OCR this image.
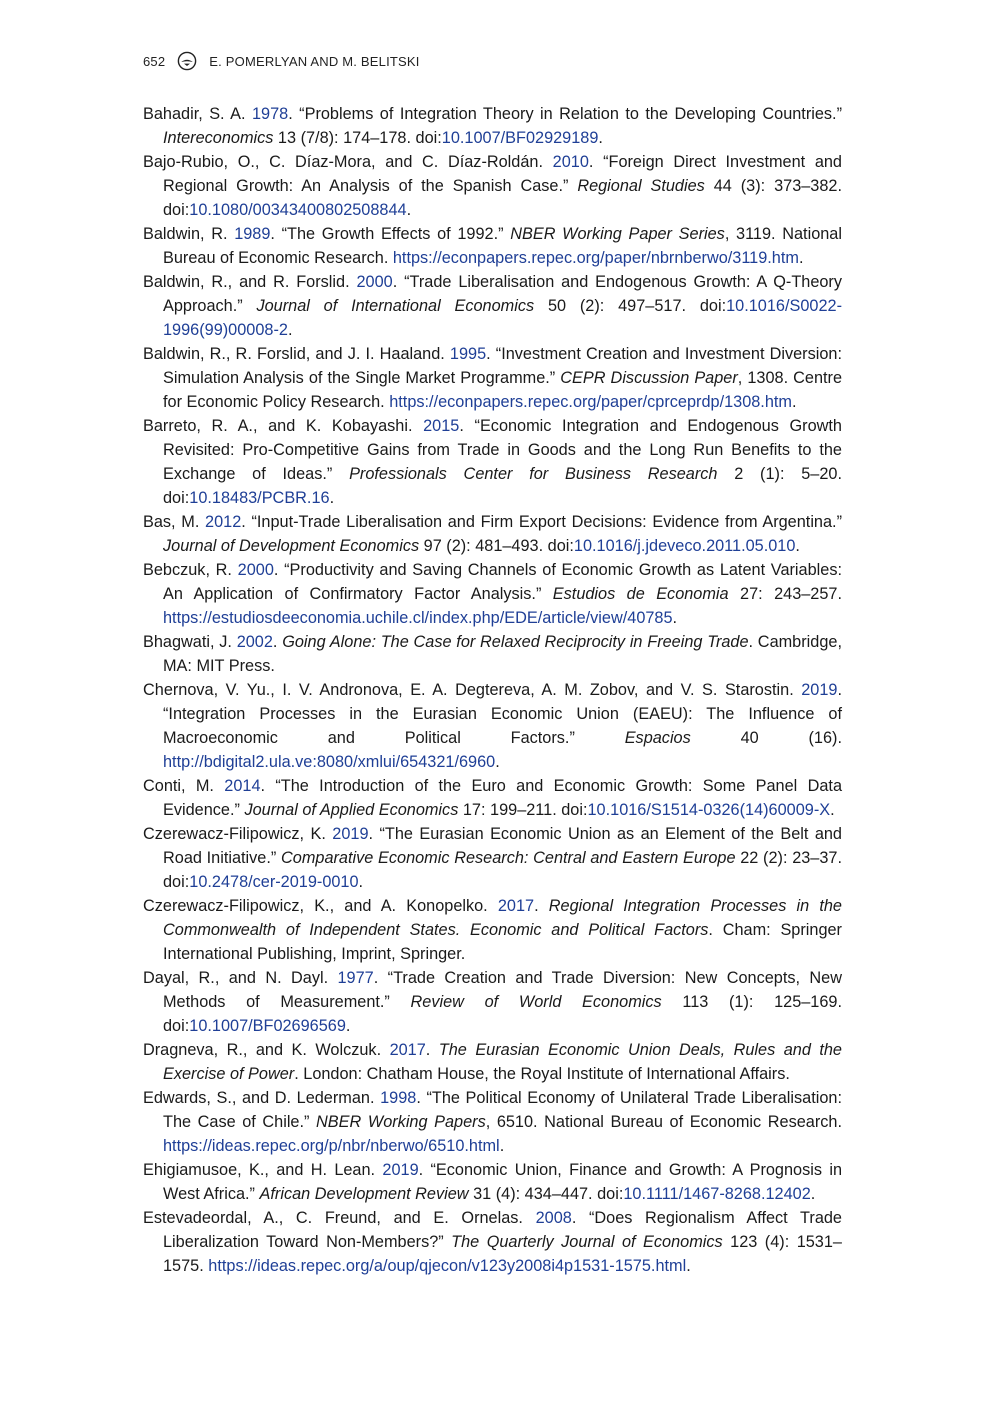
652	E. POMERLYAN AND M. BELITSKI
Bahadir, S. A. 1978. “Problems of Integration Theory in Relation to the Developing Countries.” Intereconomics 13 (7/8): 174–178. doi:10.1007/BF02929189.
Bajo-Rubio, O., C. Díaz-Mora, and C. Díaz-Roldán. 2010. “Foreign Direct Investment and Regional Growth: An Analysis of the Spanish Case.” Regional Studies 44 (3): 373–382. doi:10.1080/00343400802508844.
Baldwin, R. 1989. “The Growth Effects of 1992.” NBER Working Paper Series, 3119. National Bureau of Economic Research. https://econpapers.repec.org/paper/nbrnberwo/3119.htm.
Baldwin, R., and R. Forslid. 2000. “Trade Liberalisation and Endogenous Growth: A Q-Theory Approach.” Journal of International Economics 50 (2): 497–517. doi:10.1016/S0022-1996(99)00008-2.
Baldwin, R., R. Forslid, and J. I. Haaland. 1995. “Investment Creation and Investment Diversion: Simulation Analysis of the Single Market Programme.” CEPR Discussion Paper, 1308. Centre for Economic Policy Research. https://econpapers.repec.org/paper/cprceprdp/1308.htm.
Barreto, R. A., and K. Kobayashi. 2015. “Economic Integration and Endogenous Growth Revisited: Pro-Competitive Gains from Trade in Goods and the Long Run Benefits to the Exchange of Ideas.” Professionals Center for Business Research 2 (1): 5–20. doi:10.18483/PCBR.16.
Bas, M. 2012. “Input-Trade Liberalisation and Firm Export Decisions: Evidence from Argentina.” Journal of Development Economics 97 (2): 481–493. doi:10.1016/j.jdeveco.2011.05.010.
Bebczuk, R. 2000. “Productivity and Saving Channels of Economic Growth as Latent Variables: An Application of Confirmatory Factor Analysis.” Estudios de Economia 27: 243–257. https://estudiosdeeconomia.uchile.cl/index.php/EDE/article/view/40785.
Bhagwati, J. 2002. Going Alone: The Case for Relaxed Reciprocity in Freeing Trade. Cambridge, MA: MIT Press.
Chernova, V. Yu., I. V. Andronova, E. A. Degtereva, A. M. Zobov, and V. S. Starostin. 2019. “Integration Processes in the Eurasian Economic Union (EAEU): The Influence of Macroeconomic and Political Factors.” Espacios 40 (16). http://bdigital2.ula.ve:8080/xmlui/654321/6960.
Conti, M. 2014. “The Introduction of the Euro and Economic Growth: Some Panel Data Evidence.” Journal of Applied Economics 17: 199–211. doi:10.1016/S1514-0326(14)60009-X.
Czerewacz-Filipowicz, K. 2019. “The Eurasian Economic Union as an Element of the Belt and Road Initiative.” Comparative Economic Research: Central and Eastern Europe 22 (2): 23–37. doi:10.2478/cer-2019-0010.
Czerewacz-Filipowicz, K., and A. Konopelko. 2017. Regional Integration Processes in the Commonwealth of Independent States. Economic and Political Factors. Cham: Springer International Publishing, Imprint, Springer.
Dayal, R., and N. Dayl. 1977. “Trade Creation and Trade Diversion: New Concepts, New Methods of Measurement.” Review of World Economics 113 (1): 125–169. doi:10.1007/BF02696569.
Dragneva, R., and K. Wolczuk. 2017. The Eurasian Economic Union Deals, Rules and the Exercise of Power. London: Chatham House, the Royal Institute of International Affairs.
Edwards, S., and D. Lederman. 1998. “The Political Economy of Unilateral Trade Liberalisation: The Case of Chile.” NBER Working Papers, 6510. National Bureau of Economic Research. https://ideas.repec.org/p/nbr/nberwo/6510.html.
Ehigiamusoe, K., and H. Lean. 2019. “Economic Union, Finance and Growth: A Prognosis in West Africa.” African Development Review 31 (4): 434–447. doi:10.1111/1467-8268.12402.
Estevadeordal, A., C. Freund, and E. Ornelas. 2008. “Does Regionalism Affect Trade Liberalization Toward Non-Members?” The Quarterly Journal of Economics 123 (4): 1531–1575. https://ideas.repec.org/a/oup/qjecon/v123y2008i4p1531-1575.html.
